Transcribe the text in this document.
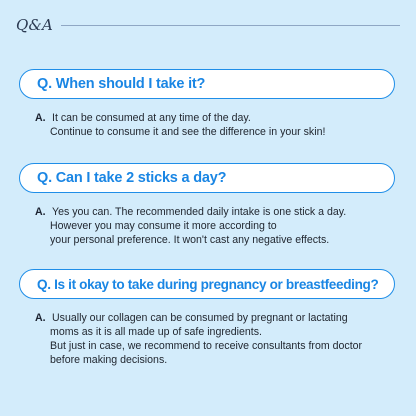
Q&A
Q. When should I take it?
A. It can be consumed at any time of the day.
Continue to consume it and see the difference in your skin!
Q. Can I take 2 sticks a day?
A. Yes you can. The recommended daily intake is one stick a day.
However you may consume it more according to
your personal preference. It won't cast any negative effects.
Q. Is it okay to take during pregnancy or breastfeeding?
A. Usually our collagen can be consumed by pregnant or lactating
moms as it is all made up of safe ingredients.
But just in case, we recommend to receive consultants from doctor
before making decisions.
